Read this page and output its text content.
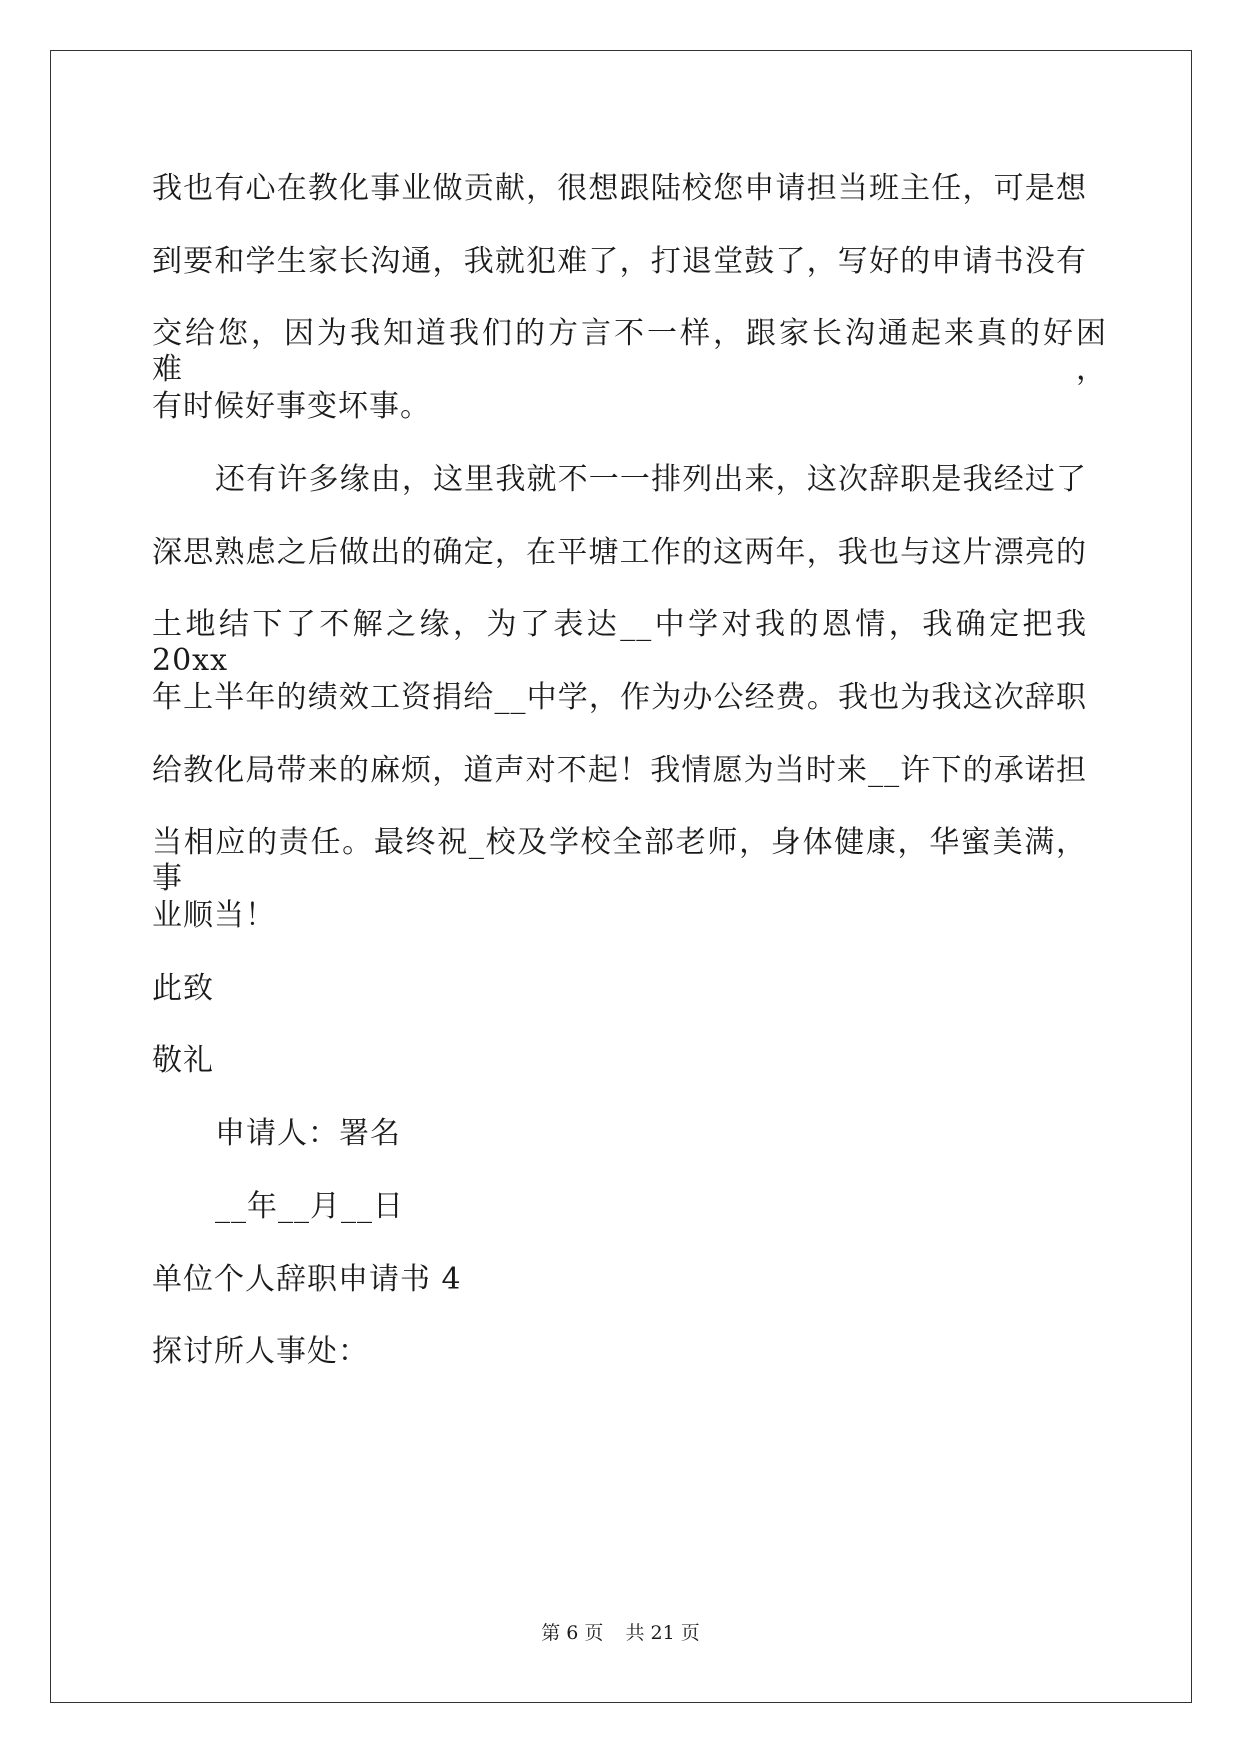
我也有心在教化事业做贡献，很想跟陆校您申请担当班主任，可是想
到要和学生家长沟通，我就犯难了，打退堂鼓了，写好的申请书没有
交给您，因为我知道我们的方言不一样，跟家长沟通起来真的好困难，
有时候好事变坏事。
还有许多缘由，这里我就不一一排列出来，这次辞职是我经过了
深思熟虑之后做出的确定，在平塘工作的这两年，我也与这片漂亮的
土地结下了不解之缘，为了表达__中学对我的恩情，我确定把我 20xx
年上半年的绩效工资捐给__中学，作为办公经费。我也为我这次辞职
给教化局带来的麻烦，道声对不起！我情愿为当时来__许下的承诺担
当相应的责任。最终祝_校及学校全部老师，身体健康，华蜜美满，事
业顺当！
此致
敬礼
申请人：署名
__年__月__日
单位个人辞职申请书 4
探讨所人事处：
第 6 页 共 21 页
